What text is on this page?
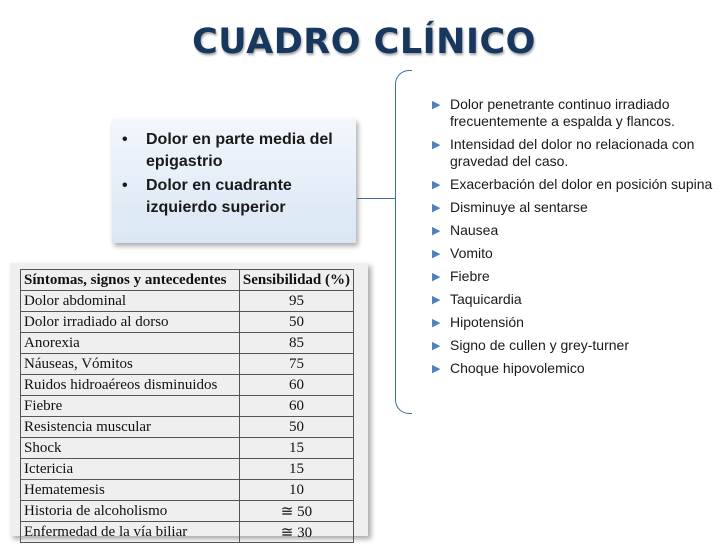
CUADRO CLÍNICO
• Dolor en parte media del epigastrio
• Dolor en cuadrante izquierdo superior
▶ Dolor penetrante continuo irradiado frecuentemente a espalda y flancos.
▶ Intensidad del dolor no relacionada con gravedad del caso.
▶ Exacerbación del dolor en posición supina
▶ Disminuye al sentarse
▶ Nausea
▶ Vomito
▶ Fiebre
▶ Taquicardia
▶ Hipotensión
▶ Signo de cullen y grey-turner
▶ Choque hipovolemico
Síntomas, signos y antecedentes	Sensibilidad (%)
Dolor abdominal	95
Dolor irradiado al dorso	50
Anorexia	85
Náuseas, Vómitos	75
Ruidos hidroaéreos disminuidos	60
Fiebre	60
Resistencia muscular	50
Shock	15
Ictericia	15
Hematemesis	10
Historia de alcoholismo	≅ 50
Enfermedad de la vía biliar	≅ 30
